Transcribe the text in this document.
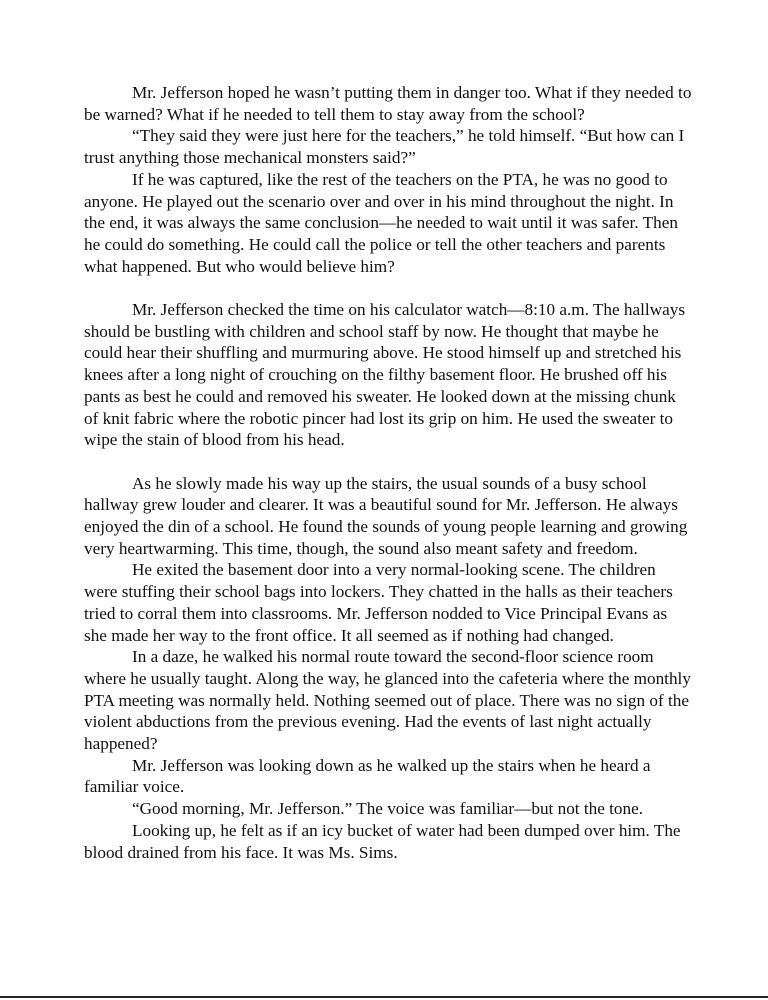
Mr. Jefferson hoped he wasn’t putting them in danger too. What if they needed to be warned? What if he needed to tell them to stay away from the school?

“They said they were just here for the teachers,” he told himself. “But how can I trust anything those mechanical monsters said?”

If he was captured, like the rest of the teachers on the PTA, he was no good to anyone. He played out the scenario over and over in his mind throughout the night. In the end, it was always the same conclusion—he needed to wait until it was safer. Then he could do something. He could call the police or tell the other teachers and parents what happened. But who would believe him?

Mr. Jefferson checked the time on his calculator watch—8:10 a.m. The hallways should be bustling with children and school staff by now. He thought that maybe he could hear their shuffling and murmuring above. He stood himself up and stretched his knees after a long night of crouching on the filthy basement floor. He brushed off his pants as best he could and removed his sweater. He looked down at the missing chunk of knit fabric where the robotic pincer had lost its grip on him. He used the sweater to wipe the stain of blood from his head.

As he slowly made his way up the stairs, the usual sounds of a busy school hallway grew louder and clearer. It was a beautiful sound for Mr. Jefferson. He always enjoyed the din of a school. He found the sounds of young people learning and growing very heartwarming. This time, though, the sound also meant safety and freedom.

He exited the basement door into a very normal-looking scene. The children were stuffing their school bags into lockers. They chatted in the halls as their teachers tried to corral them into classrooms. Mr. Jefferson nodded to Vice Principal Evans as she made her way to the front office. It all seemed as if nothing had changed.

In a daze, he walked his normal route toward the second-floor science room where he usually taught. Along the way, he glanced into the cafeteria where the monthly PTA meeting was normally held. Nothing seemed out of place. There was no sign of the violent abductions from the previous evening. Had the events of last night actually happened?

Mr. Jefferson was looking down as he walked up the stairs when he heard a familiar voice.

“Good morning, Mr. Jefferson.” The voice was familiar—but not the tone.

Looking up, he felt as if an icy bucket of water had been dumped over him. The blood drained from his face. It was Ms. Sims.
